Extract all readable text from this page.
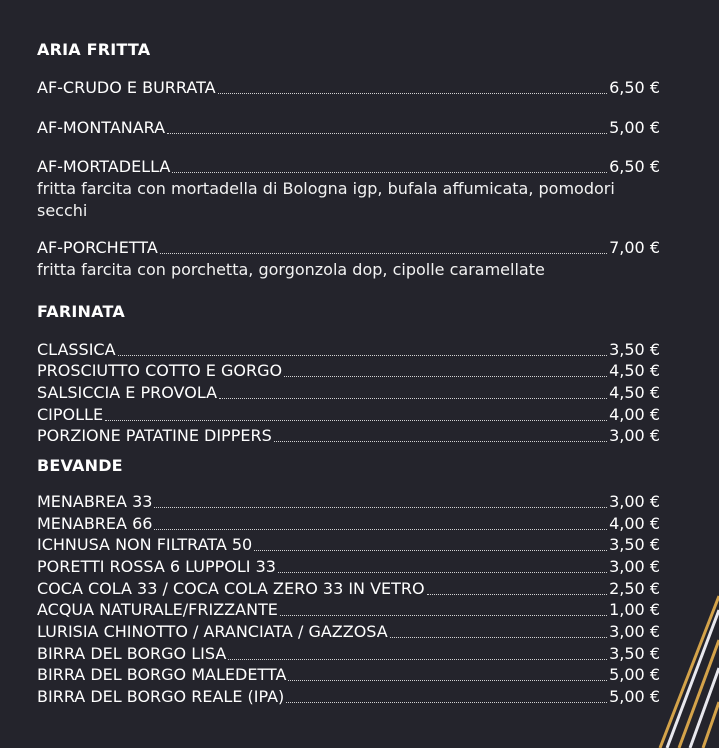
ARIA FRITTA
AF-CRUDO E BURRATA	6,50 €
AF-MONTANARA	5,00 €
AF-MORTADELLA	6,50 €
fritta farcita con mortadella di Bologna igp, bufala affumicata, pomodori secchi
AF-PORCHETTA	7,00 €
fritta farcita con porchetta, gorgonzola dop, cipolle caramellate
FARINATA
CLASSICA	3,50 €
PROSCIUTTO COTTO E GORGO	4,50 €
SALSICCIA E PROVOLA	4,50 €
CIPOLLE	4,00 €
PORZIONE PATATINE DIPPERS	3,00 €
BEVANDE
MENABREA 33	3,00 €
MENABREA 66	4,00 €
ICHNUSA NON FILTRATA 50	3,50 €
PORETTI ROSSA 6 LUPPOLI 33	3,00 €
COCA COLA 33 / COCA COLA ZERO 33 IN VETRO	2,50 €
ACQUA NATURALE/FRIZZANTE	1,00 €
LURISIA CHINOTTO / ARANCIATA / GAZZOSA	3,00 €
BIRRA DEL BORGO LISA	3,50 €
BIRRA DEL BORGO MALEDETTA	5,00 €
BIRRA DEL BORGO REALE (IPA)	5,00 €
